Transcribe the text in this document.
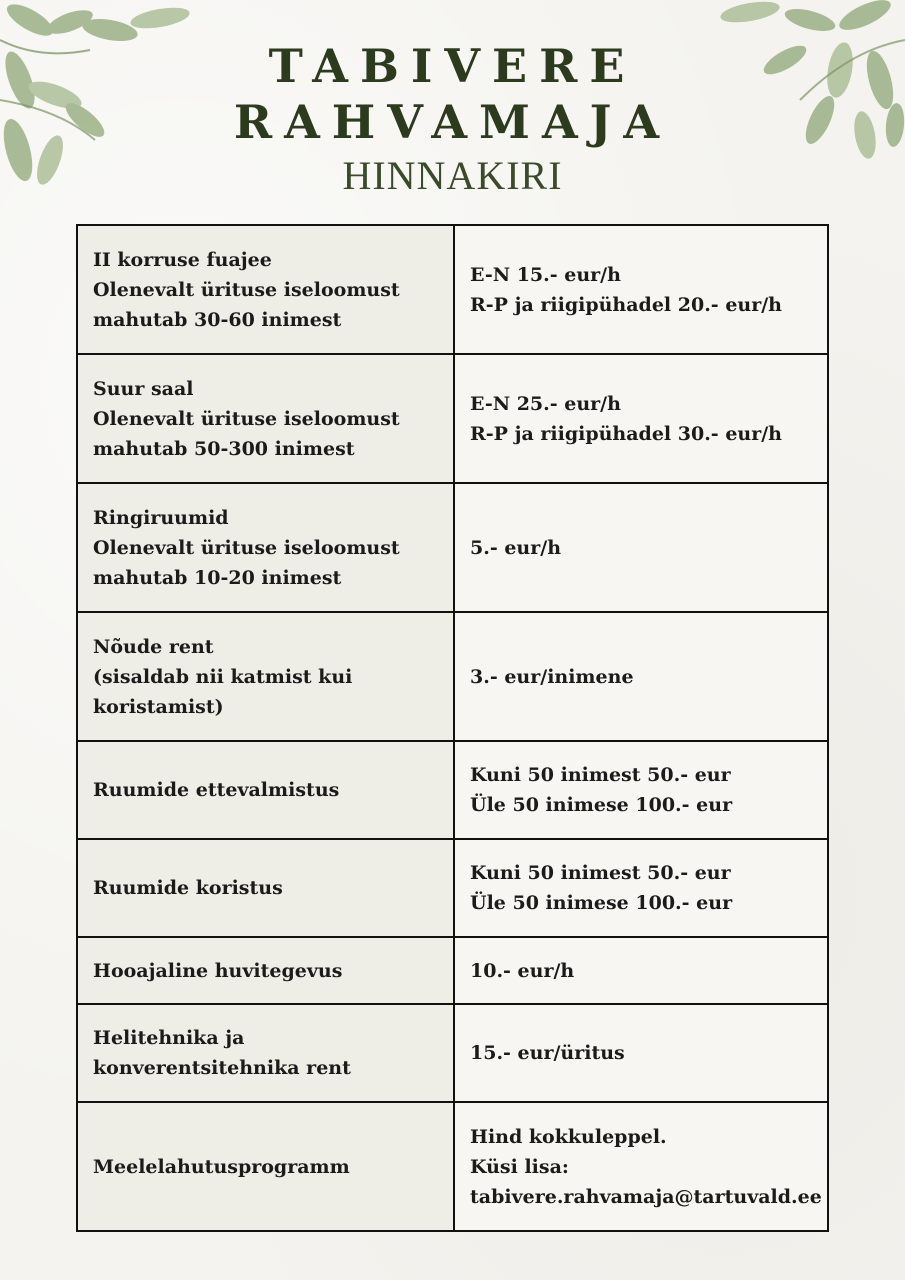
TABIVERE
RAHVAMAJA
HINNAKIRI
II korruse fuajee
Olenevalt ürituse iseloomust
mahutab 30-60 inimest	E-N 15.- eur/h
R-P ja riigipühadel 20.- eur/h

Suur saal
Olenevalt ürituse iseloomust
mahutab 50-300 inimest	E-N 25.- eur/h
R-P ja riigipühadel 30.- eur/h

Ringiruumid
Olenevalt ürituse iseloomust
mahutab 10-20 inimest	5.- eur/h

Nõude rent
(sisaldab nii katmist kui
koristamist)	3.- eur/inimene

Ruumide ettevalmistus	Kuni 50 inimest 50.- eur
Üle 50 inimese 100.- eur

Ruumide koristus	Kuni 50 inimest 50.- eur
Üle 50 inimese 100.- eur

Hooajaline huvitegevus	10.- eur/h

Helitehnika ja
konverentsitehnika rent	15.- eur/üritus

Meelelahutusprogramm	Hind kokkuleppel.
Küsi lisa:
tabivere.rahvamaja@tartuvald.ee
